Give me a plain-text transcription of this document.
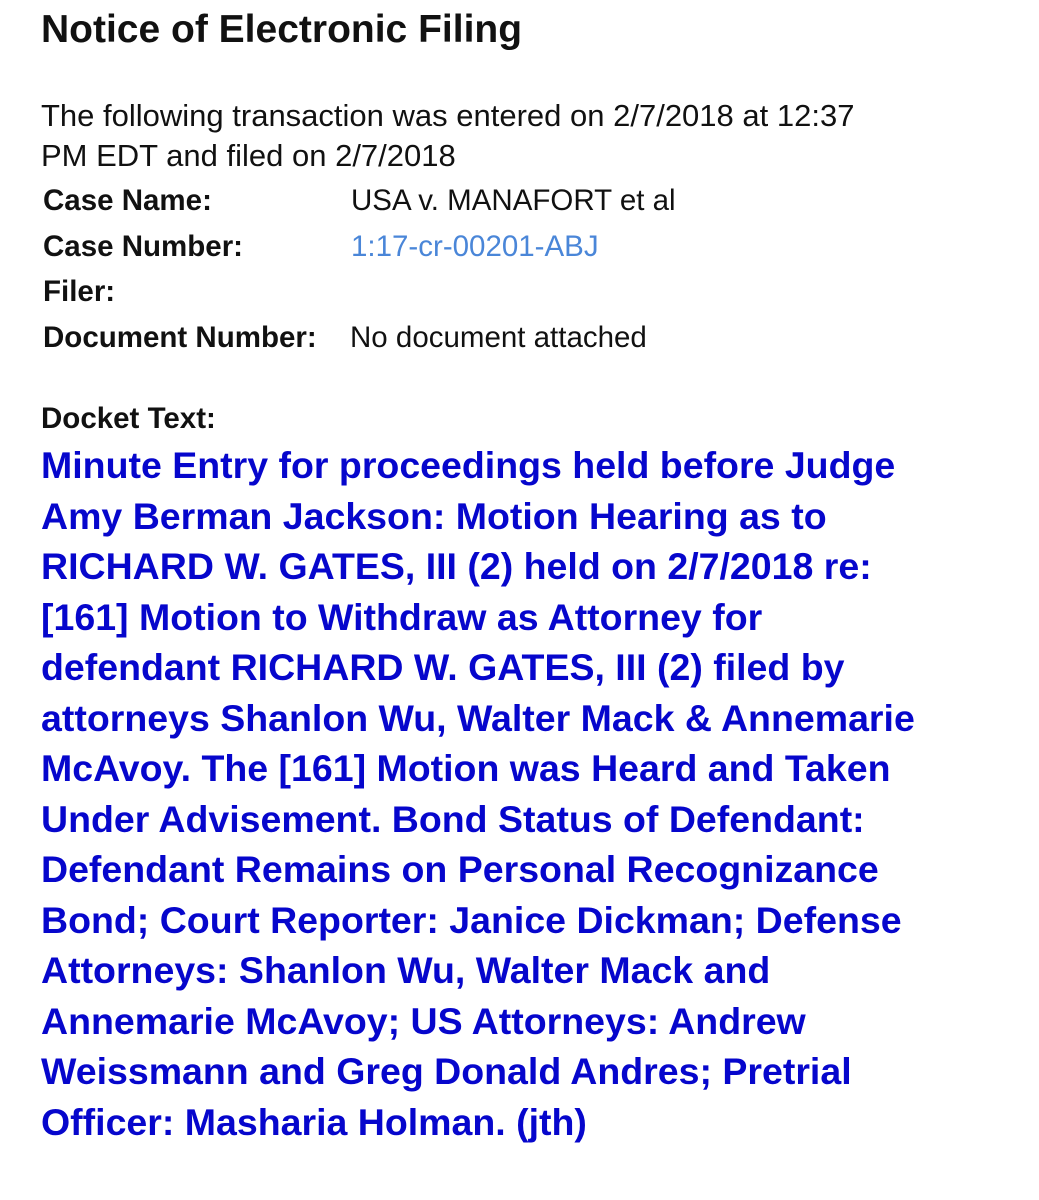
Notice of Electronic Filing

The following transaction was entered on 2/7/2018 at 12:37
PM EDT and filed on 2/7/2018

Case Name:	USA v. MANAFORT et al
Case Number:	1:17-cr-00201-ABJ
Filer:
Document Number: No document attached
Docket Text:

Minute Entry for proceedings held before Judge
Amy Berman Jackson: Motion Hearing as to
RICHARD W. GATES, III (2) held on 2/7/2018 re:
[161] Motion to Withdraw as Attorney for
defendant RICHARD W. GATES, III (2) filed by
attorneys Shanlon Wu, Walter Mack & Annemarie
McAvoy. The [161] Motion was Heard and Taken
Under Advisement. Bond Status of Defendant:
Defendant Remains on Personal Recognizance
Bond; Court Reporter: Janice Dickman; Defense
Attorneys: Shanlon Wu, Walter Mack and
Annemarie McAvoy; US Attorneys: Andrew
Weissmann and Greg Donald Andres; Pretrial
Officer: Masharia Holman. (jth)
